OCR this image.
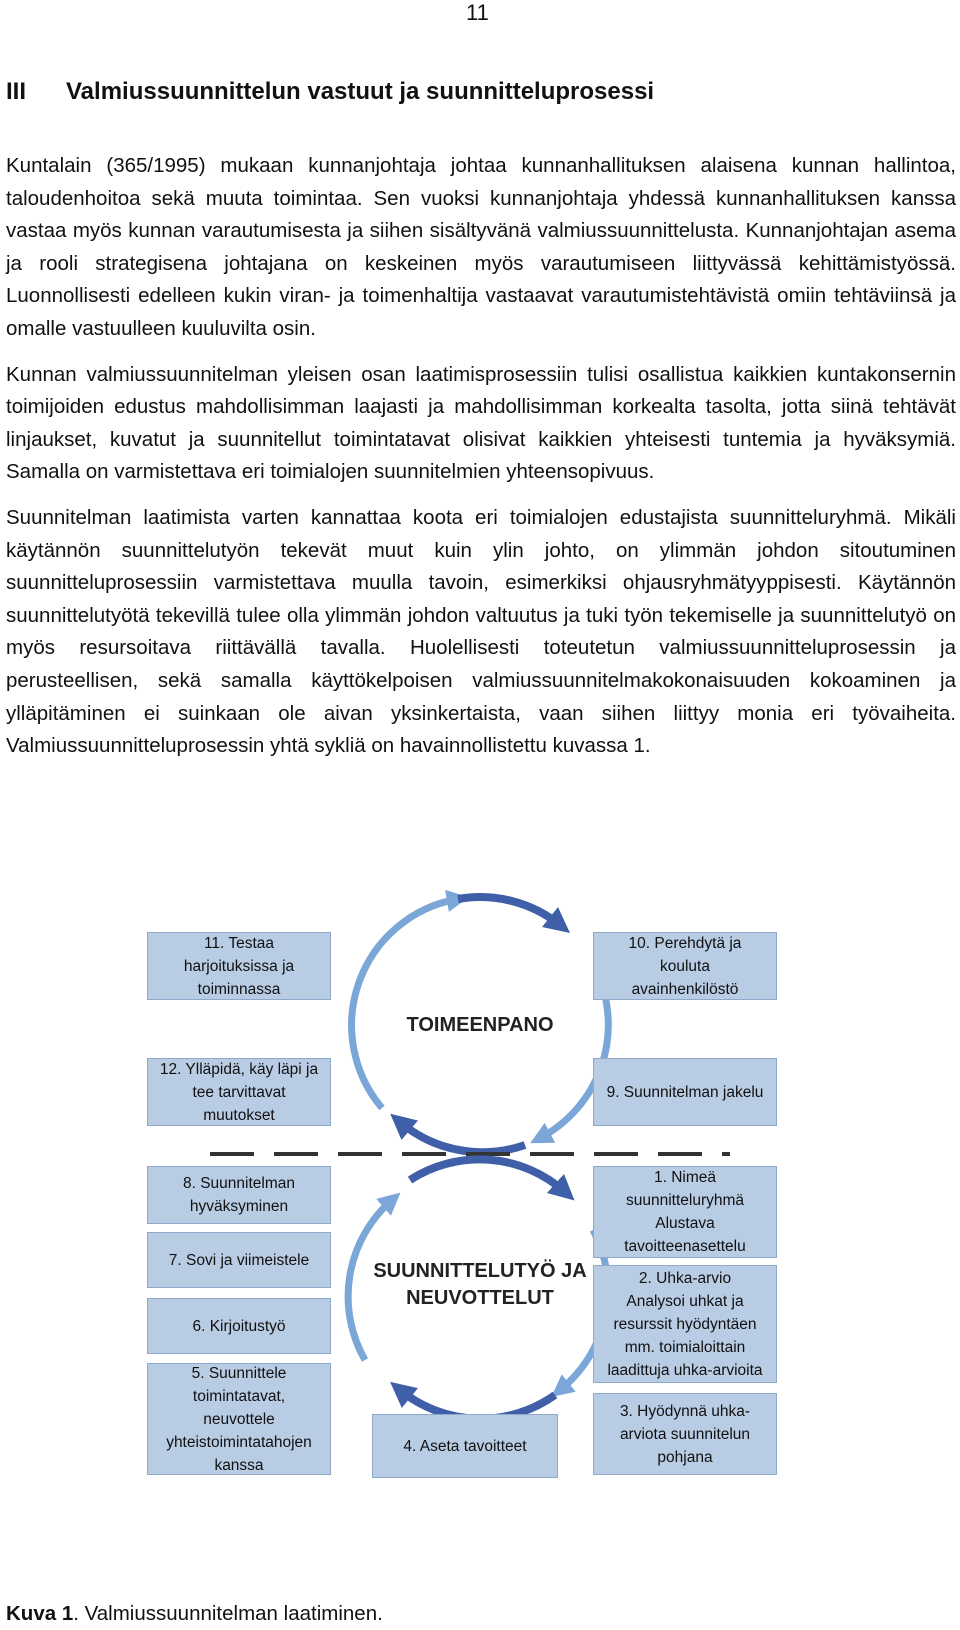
11
III Valmiussuunnittelun vastuut ja suunnitteluprosessi

Kuntalain (365/1995) mukaan kunnanjohtaja johtaa kunnanhallituksen alaisena kunnan hallintoa, taloudenhoitoa sekä muuta toimintaa. Sen vuoksi kunnanjohtaja yhdessä kunnanhallituksen kanssa vastaa myös kunnan varautumisesta ja siihen sisältyvänä valmiussuunnittelusta. Kunnanjohtajan asema ja rooli strategisena johtajana on keskeinen myös varautumiseen liittyvässä kehittämistyössä. Luonnollisesti edelleen kukin viran- ja toimenhaltija vastaavat varautumistehtävistä omiin tehtäviinsä ja omalle vastuulleen kuuluvilta osin.

Kunnan valmiussuunnitelman yleisen osan laatimisprosessiin tulisi osallistua kaikkien kuntakonsernin toimijoiden edustus mahdollisimman laajasti ja mahdollisimman korkealta tasolta, jotta siinä tehtävät linjaukset, kuvatut ja suunnitellut toimintatavat olisivat kaikkien yhteisesti tuntemia ja hyväksymiä. Samalla on varmistettava eri toimialojen suunnitelmien yhteensopivuus.

Suunnitelman laatimista varten kannattaa koota eri toimialojen edustajista suunnitteluryhmä. Mikäli käytännön suunnittelutyön tekevät muut kuin ylin johto, on ylimmän johdon sitoutuminen suunnitteluprosessiin varmistettava muulla tavoin, esimerkiksi ohjausryhmätyyppisesti. Käytännön suunnittelutyötä tekevillä tulee olla ylimmän johdon valtuutus ja tuki työn tekemiselle ja suunnittelutyö on myös resursoitava riittävällä tavalla. Huolellisesti toteutetun valmiussuunnitteluprosessin ja perusteellisen, sekä samalla käyttökelpoisen valmiussuunnitelmakokonaisuuden kokoaminen ja ylläpitäminen ei suinkaan ole aivan yksinkertaista, vaan siihen liittyy monia eri työvaiheita. Valmiussuunnitteluprosessin yhtä sykliä on havainnollistettu kuvassa 1.

TOIMEENPANO
SUUNNITTELUTYÖ JA
NEUVOTTELUT
11. Testaa
harjoituksissa ja
toiminnassa
10. Perehdytä ja
kouluta
avainhenkilöstö
12. Ylläpidä, käy läpi ja
tee tarvittavat
muutokset
9. Suunnitelman jakelu
8. Suunnitelman
hyväksyminen
1. Nimeä
suunnitteluryhmä
Alustava
tavoitteenasettelu
7. Sovi ja viimeistele
2. Uhka-arvio
Analysoi uhkat ja
resurssit hyödyntäen
mm. toimialoittain
laadittuja uhka-arvioita
6. Kirjoitustyö
5. Suunnittele
toimintatavat,
neuvottele
yhteistoimintatahojen
kanssa
4. Aseta tavoitteet
3. Hyödynnä uhka-
arviota suunnitelun
pohjana
Kuva 1. Valmiussuunnitelman laatiminen.
